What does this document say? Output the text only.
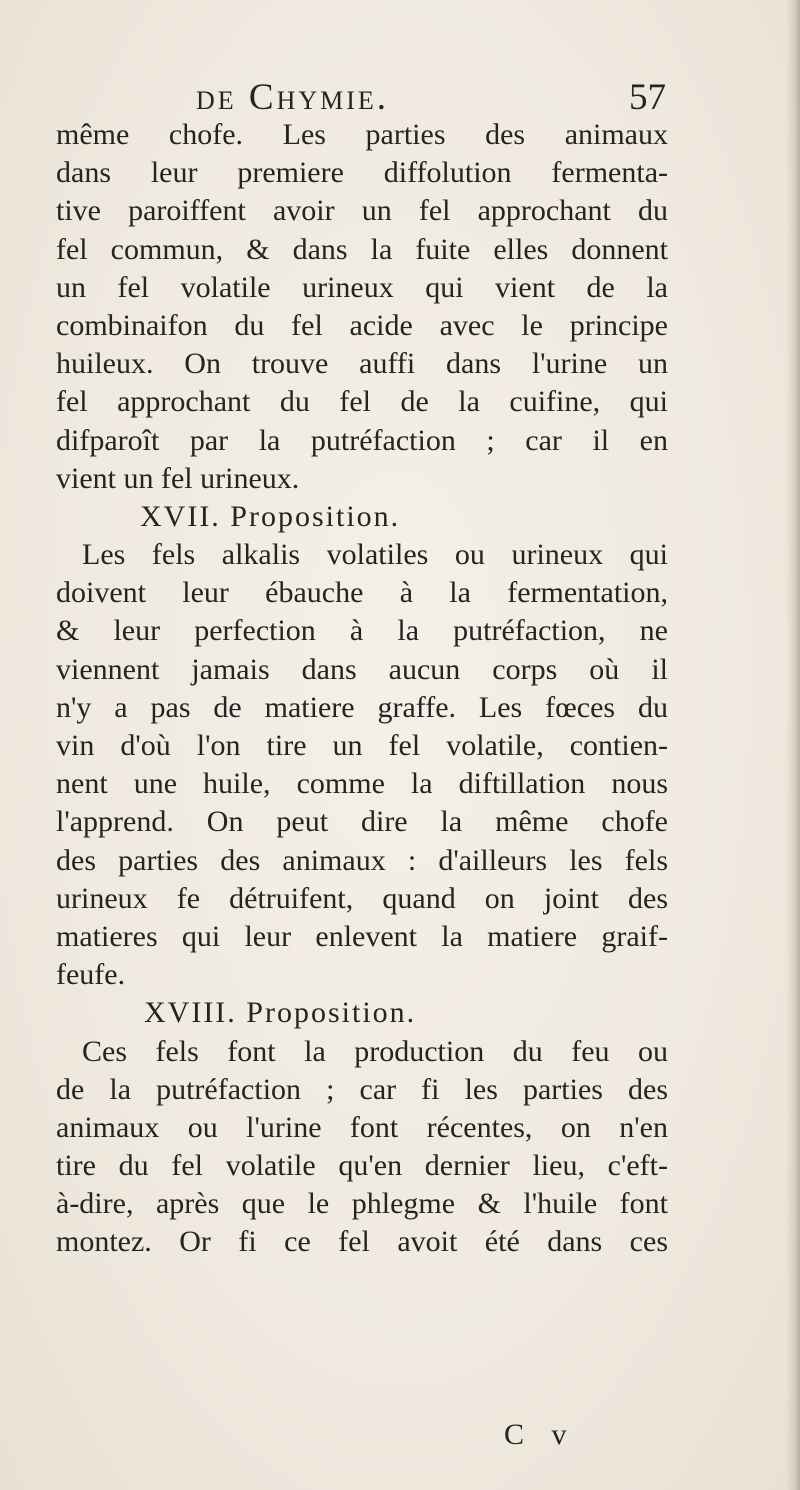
de Chymie.	57
même chofe. Les parties des animaux
dans leur premiere diffolution fermenta-
tive paroiffent avoir un fel approchant du
fel commun, & dans la fuite elles donnent
un fel volatile urineux qui vient de la
combinaifon du fel acide avec le principe
huileux. On trouve auffi dans l'urine un
fel approchant du fel de la cuifine, qui
difparoît par la putréfaction ; car il en
vient un fel urineux.
XVII. Proposition.
Les fels alkalis volatiles ou urineux qui
doivent leur ébauche à la fermentation,
& leur perfection à la putréfaction, ne
viennent jamais dans aucun corps où il
n'y a pas de matiere graffe. Les fœces du
vin d'où l'on tire un fel volatile, contien-
nent une huile, comme la diftillation nous
l'apprend. On peut dire la même chofe
des parties des animaux : d'ailleurs les fels
urineux fe détruifent, quand on joint des
matieres qui leur enlevent la matiere graif-
feufe.
XVIII. Proposition.
Ces fels font la production du feu ou
de la putréfaction ; car fi les parties des
animaux ou l'urine font récentes, on n'en
tire du fel volatile qu'en dernier lieu, c'eft-
à-dire, après que le phlegme & l'huile font
montez. Or fi ce fel avoit été dans ces
C v
